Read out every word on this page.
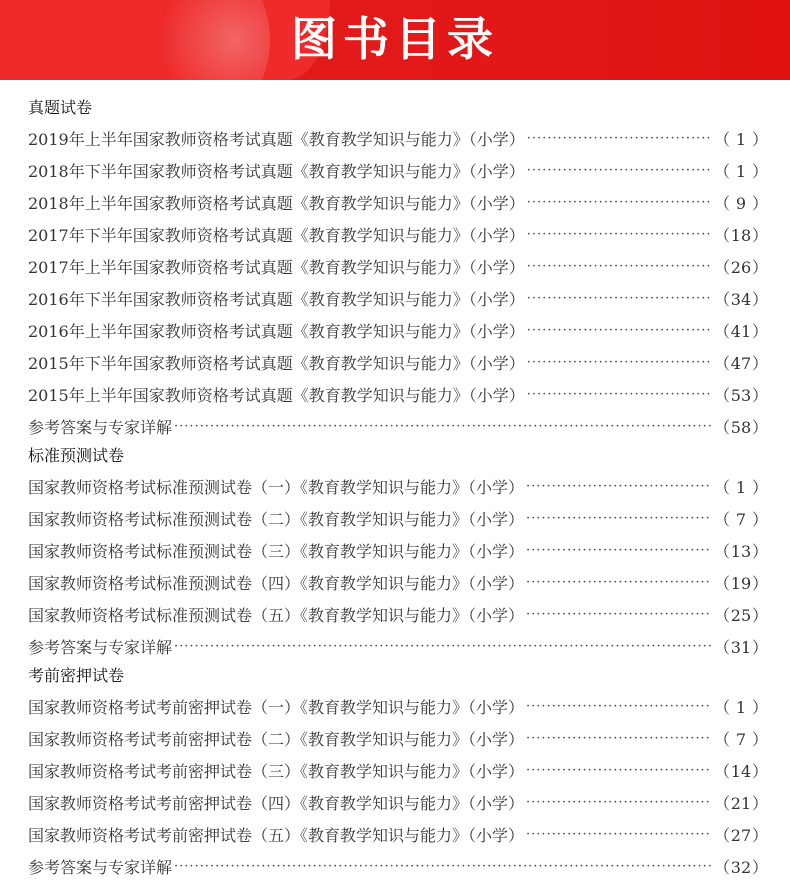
图书目录
真题试卷
2019年上半年国家教师资格考试真题《教育教学知识与能力》（小学） ·····	（ 1 ）
2018年下半年国家教师资格考试真题《教育教学知识与能力》（小学） ·····	（ 1 ）
2018年上半年国家教师资格考试真题《教育教学知识与能力》（小学） ·····	（ 9 ）
2017年下半年国家教师资格考试真题《教育教学知识与能力》（小学） ·····	（18）
2017年上半年国家教师资格考试真题《教育教学知识与能力》（小学） ·····	（26）
2016年下半年国家教师资格考试真题《教育教学知识与能力》（小学） ·····	（34）
2016年上半年国家教师资格考试真题《教育教学知识与能力》（小学） ·····	（41）
2015年下半年国家教师资格考试真题《教育教学知识与能力》（小学） ·····	（47）
2015年上半年国家教师资格考试真题《教育教学知识与能力》（小学） ·····	（53）
参考答案与专家详解 ·····	（58）
标准预测试卷
国家教师资格考试标准预测试卷（一）《教育教学知识与能力》（小学） ·····	（ 1 ）
国家教师资格考试标准预测试卷（二）《教育教学知识与能力》（小学） ·····	（ 7 ）
国家教师资格考试标准预测试卷（三）《教育教学知识与能力》（小学） ·····	（13）
国家教师资格考试标准预测试卷（四）《教育教学知识与能力》（小学） ·····	（19）
国家教师资格考试标准预测试卷（五）《教育教学知识与能力》（小学） ·····	（25）
参考答案与专家详解 ·····	（31）
考前密押试卷
国家教师资格考试考前密押试卷（一）《教育教学知识与能力》（小学） ·····	（ 1 ）
国家教师资格考试考前密押试卷（二）《教育教学知识与能力》（小学） ·····	（ 7 ）
国家教师资格考试考前密押试卷（三）《教育教学知识与能力》（小学） ·····	（14）
国家教师资格考试考前密押试卷（四）《教育教学知识与能力》（小学） ·····	（21）
国家教师资格考试考前密押试卷（五）《教育教学知识与能力》（小学） ·····	（27）
参考答案与专家详解 ·····	（32）
